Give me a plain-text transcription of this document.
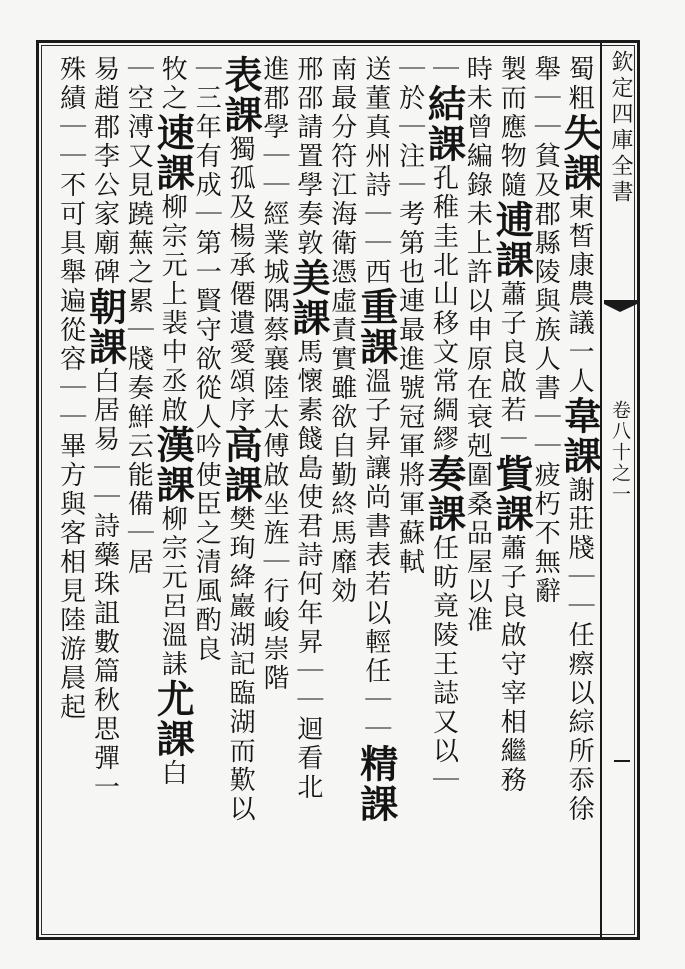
欽定四庫全書
卷八十之一
蜀粗失課東皙康農議一人韋課謝莊牋｜｜任瘵以綜所忝徐
舉｜｜貧及郡縣陵與族人書｜｜疲朽不無辭
製而應物隨逋課蕭子良啟若｜貲課蕭子良啟守宰相繼務
時未曾編錄未上許以申原在衰剋圍桑品屋以准
｜結課孔稚圭北山移文常綢繆奏課任昉竟陵王誌又以｜
｜於｜注｜考第也連最進號冠軍將軍蘇軾
送董真州詩｜｜西重課溫子昇讓尚書表若以輕任｜｜精課
南最分符江海衛憑虛責實雖欲自勤終馬靡効
邢邵請置學奏敦美課馬懷素餞島使君詩何年昇｜｜迴看北
進郡學｜｜經業城隅蔡襄陸太傅啟坐旌｜行峻崇階
表課獨孤及楊承僊遺愛頌序高課樊珣絳巖湖記臨湖而歎以
｜三年有成｜第一賢守欲從人吟使臣之清風酌良
牧之速課柳宗元上裴中丞啟漢課柳宗元呂溫誄尤課白
｜空溥又見蹺蕪之累｜牋奏鮮云能備｜居
易趙郡李公家廟碑朝課白居易｜｜詩藥珠詛數篇秋思彈一
殊績｜｜不可具舉遍從容｜｜畢方與客相見陸游晨起
